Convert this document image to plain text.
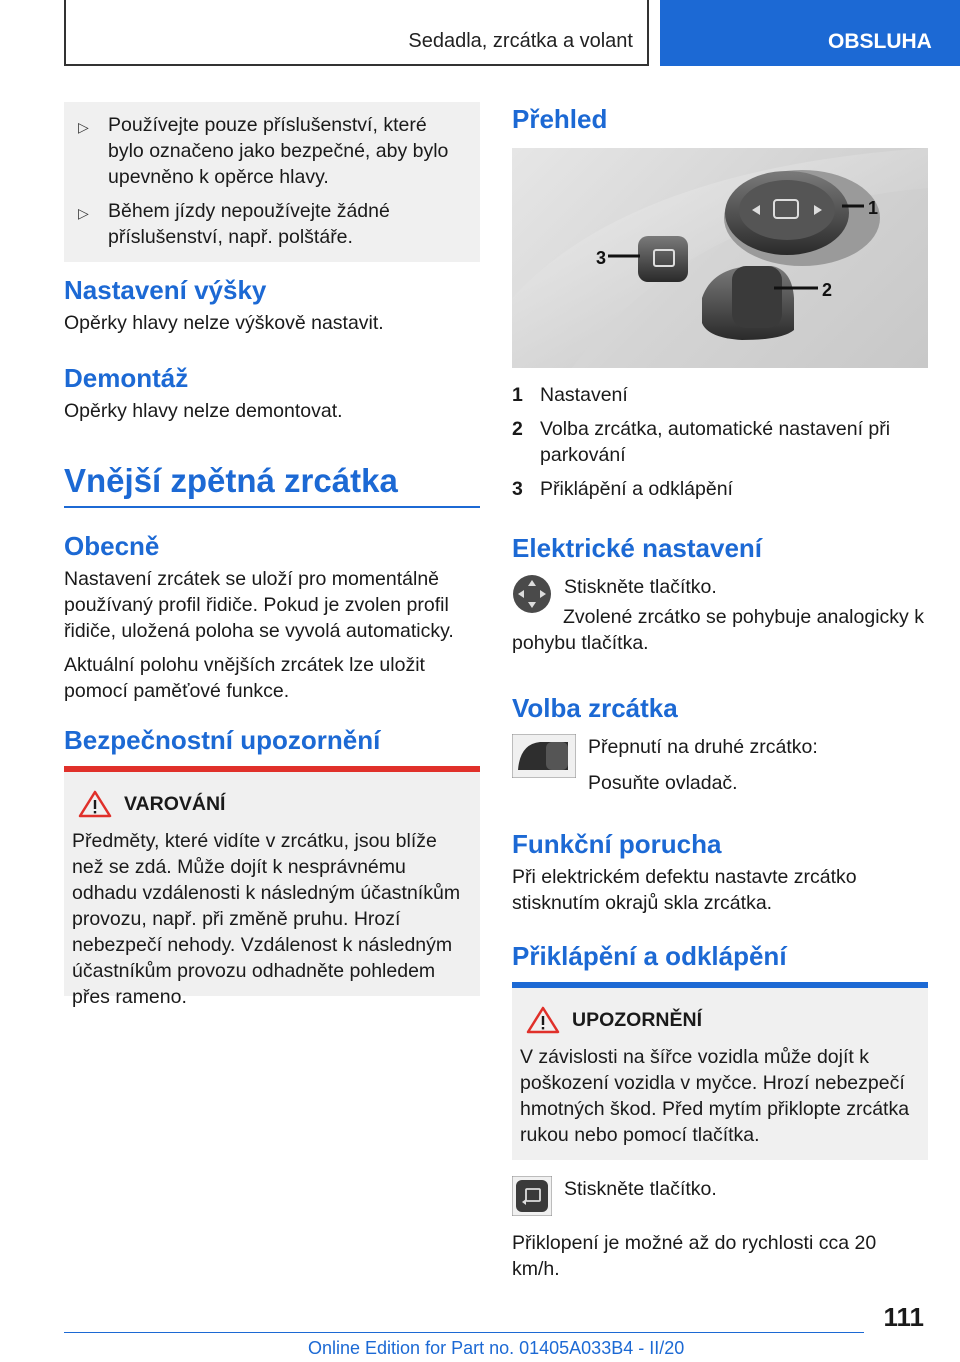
Sedadla, zrcátka a volant	OBSLUHA
▷ Používejte pouze příslušenství, které bylo označeno jako bezpečné, aby bylo upevněno k opěrce hlavy.
▷ Během jízdy nepoužívejte žádné příslušenství, např. polštáře.
Nastavení výšky
Opěrky hlavy nelze výškově nastavit.
Demontáž
Opěrky hlavy nelze demontovat.
Vnější zpětná zrcátka
Obecně
Nastavení zrcátek se uloží pro momentálně používaný profil řidiče. Pokud je zvolen profil řidiče, uložená poloha se vyvolá automaticky.
Aktuální polohu vnějších zrcátek lze uložit pomocí paměťové funkce.
Bezpečnostní upozornění
VAROVÁNÍ
Předměty, které vidíte v zrcátku, jsou blíže než se zdá. Může dojít k nesprávnému odhadu vzdálenosti k následným účastníkům provozu, např. při změně pruhu. Hrozí nebezpečí nehody. Vzdálenost k následným účastníkům provozu odhadněte pohledem přes rameno.
Přehled
1
3
2
1 Nastavení
2 Volba zrcátka, automatické nastavení při parkování
3 Přiklápění a odklápění
Elektrické nastavení
Stiskněte tlačítko.
Zvolené zrcátko se pohybuje analogicky k pohybu tlačítka.
Volba zrcátka
Přepnutí na druhé zrcátko:
Posuňte ovladač.
Funkční porucha
Při elektrickém defektu nastavte zrcátko stisknutím okrajů skla zrcátka.
Přiklápění a odklápění
UPOZORNĚNÍ
V závislosti na šířce vozidla může dojít k poškození vozidla v myčce. Hrozí nebezpečí hmotných škod. Před mytím přiklopte zrcátka rukou nebo pomocí tlačítka.
Stiskněte tlačítko.
Přiklopení je možné až do rychlosti cca 20 km/h.
111
Online Edition for Part no. 01405A033B4 - II/20
